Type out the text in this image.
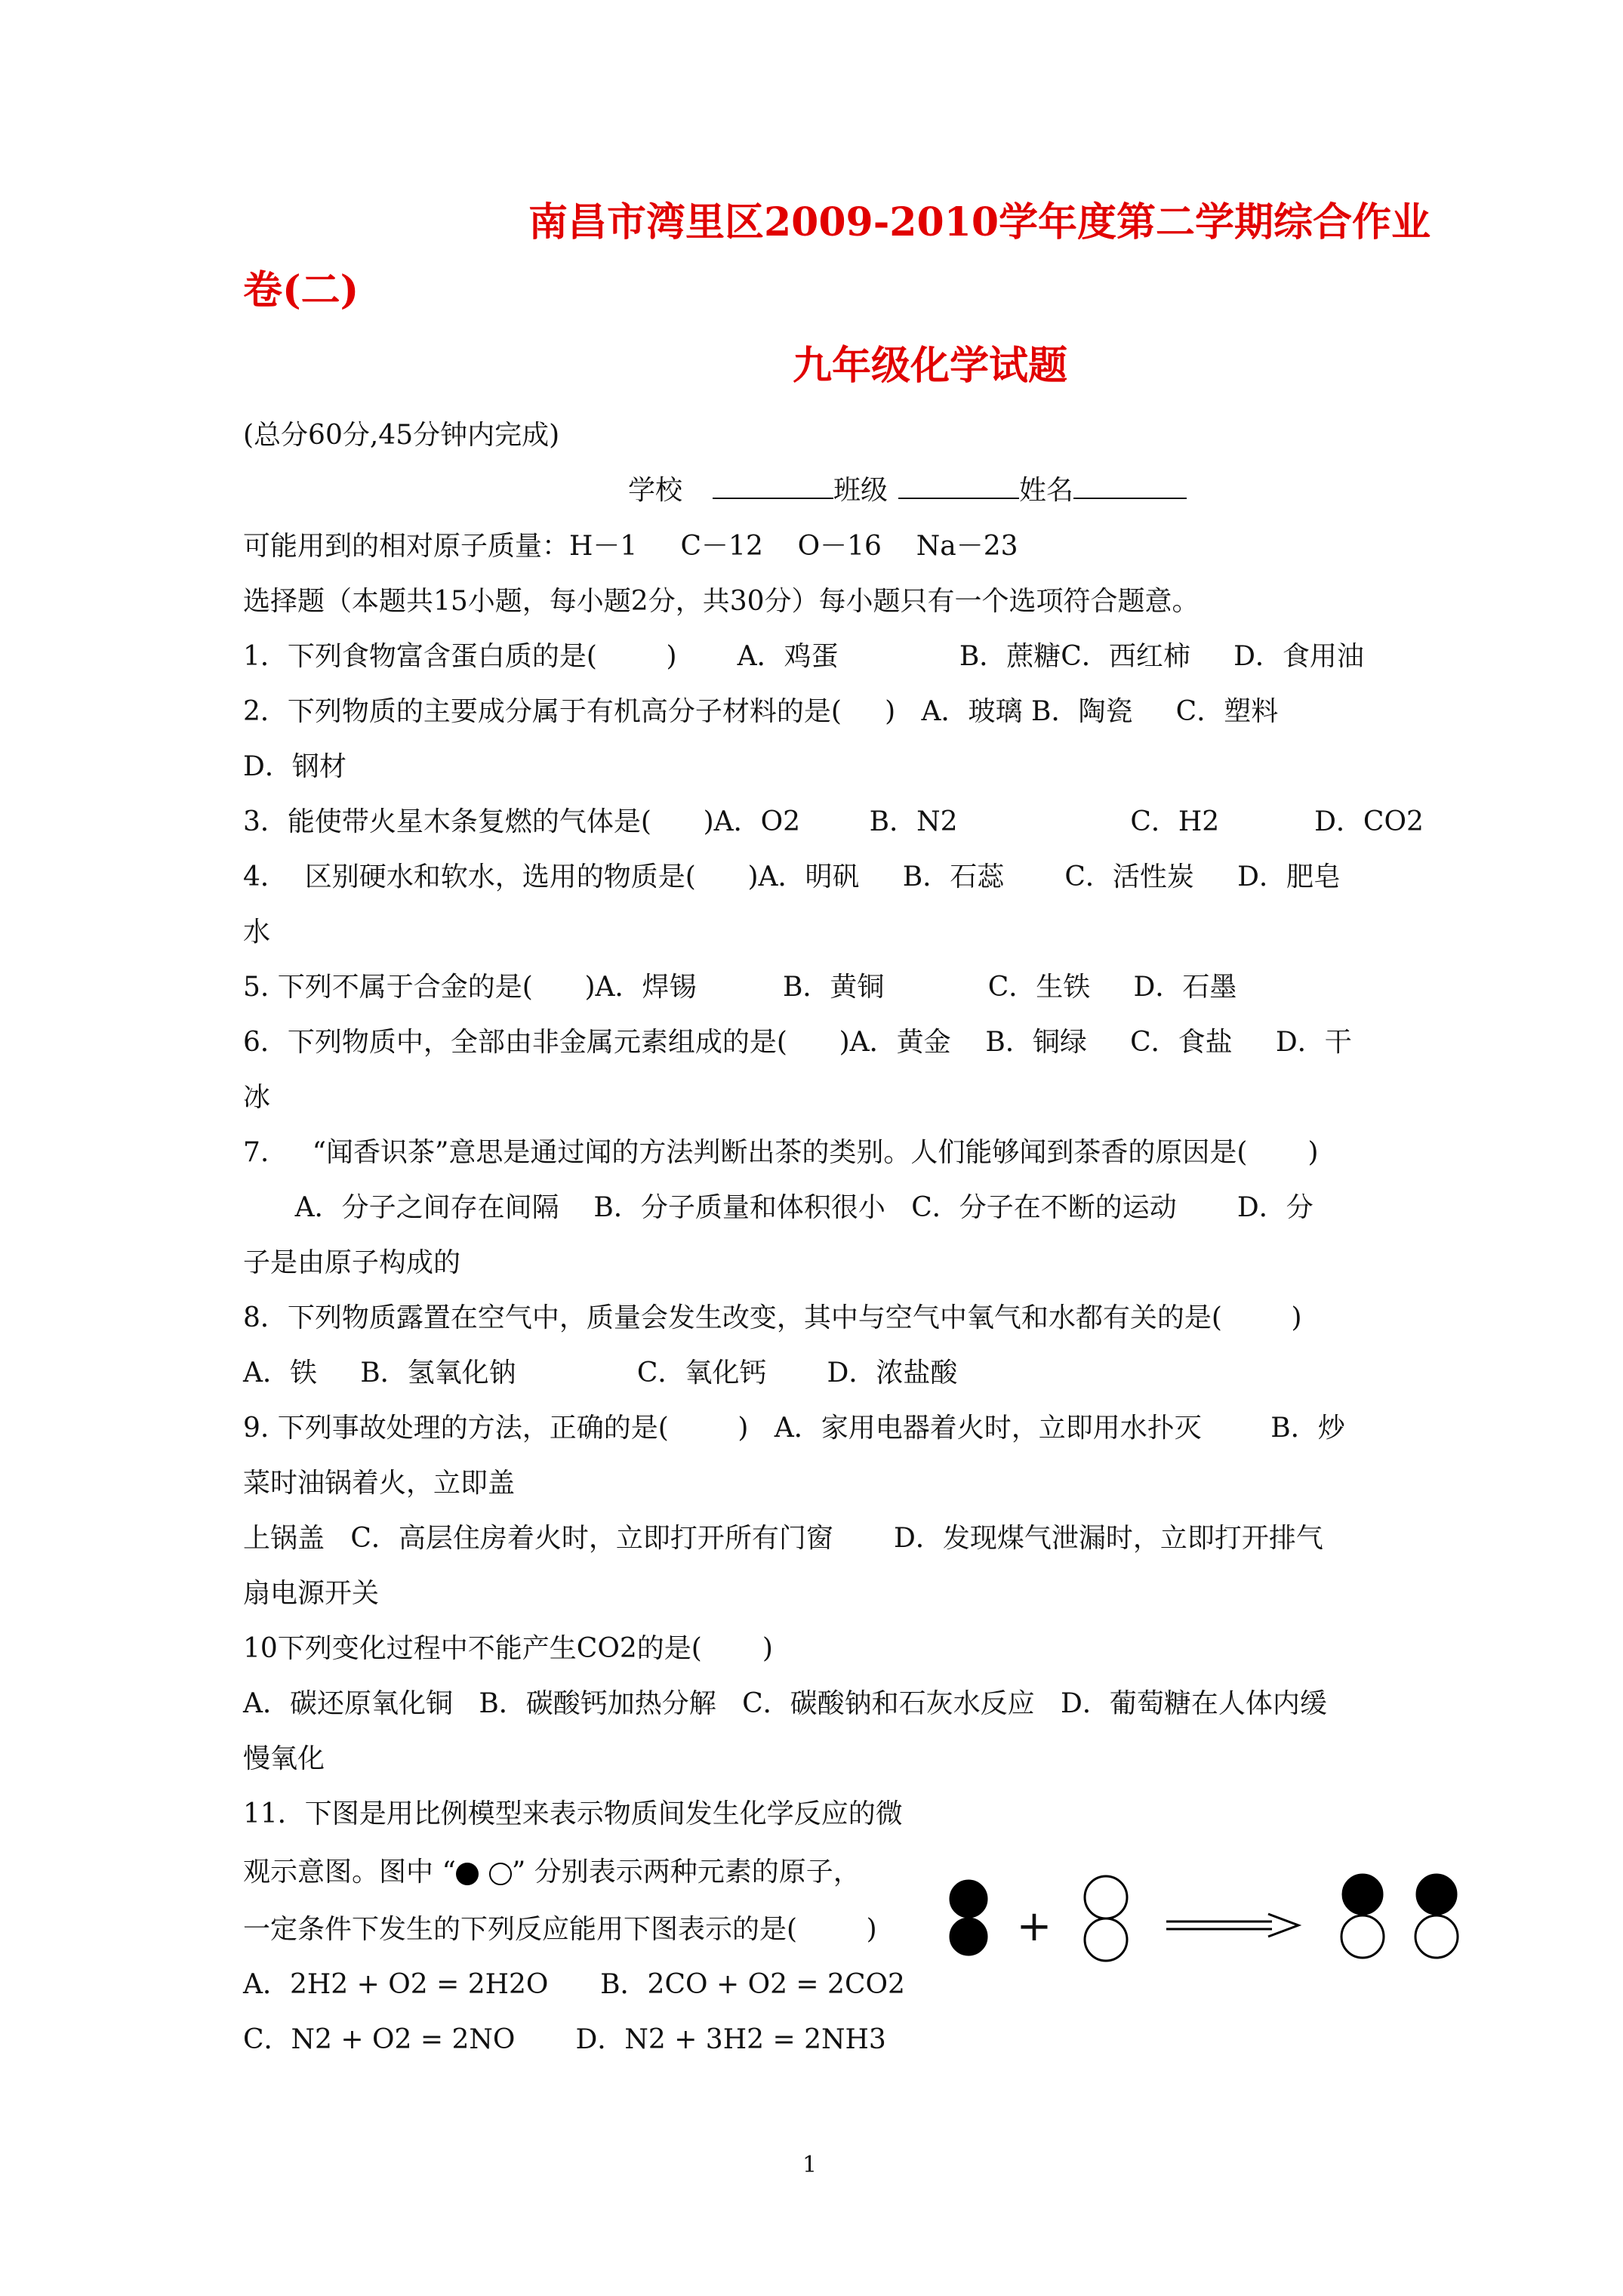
南昌市湾里区2009-2010学年度第二学期综合作业
卷(二)
九年级化学试题
(总分60分,45分钟内完成)
学校	班级	姓名
可能用到的相对原子质量：H－1     C－12    O－16    Na－23
选择题（本题共15小题，每小题2分，共30分）每小题只有一个选项符合题意。
1．下列食物富含蛋白质的是(        )       A．鸡蛋              B．蔗糖C．西红柿     D．食用油
2．下列物质的主要成分属于有机高分子材料的是(     )   A．玻璃 B．陶瓷     C．塑料
D．钢材
3．能使带火星木条复燃的气体是(      )A．O2        B．N2                    C．H2           D．CO2
4．  区别硬水和软水，选用的物质是(      )A．明矾     B．石蕊       C．活性炭     D．肥皂
水
5. 下列不属于合金的是(      )A．焊锡          B．黄铜            C．生铁     D．石墨
6．下列物质中，全部由非金属元素组成的是(      )A．黄金    B．铜绿     C．食盐     D．干
冰
7.     “闻香识茶”意思是通过闻的方法判断出茶的类别。人们能够闻到茶香的原因是(       )
A．分子之间存在间隔    B．分子质量和体积很小   C．分子在不断的运动       D．分
子是由原子构成的
8．下列物质露置在空气中，质量会发生改变，其中与空气中氧气和水都有关的是(        )
A．铁     B．氢氧化钠              C．氧化钙       D．浓盐酸
9. 下列事故处理的方法，正确的是(        )   A．家用电器着火时，立即用水扑灭        B．炒
菜时油锅着火，立即盖
上锅盖   C．高层住房着火时，立即打开所有门窗       D．发现煤气泄漏时，立即打开排气
扇电源开关
10下列变化过程中不能产生CO2的是(       )
A．碳还原氧化铜   B．碳酸钙加热分解   C．碳酸钠和石灰水反应   D．葡萄糖在人体内缓
慢氧化
11．下图是用比例模型来表示物质间发生化学反应的微
观示意图。图中 “ ” 分别表示两种元素的原子，
一定条件下发生的下列反应能用下图表示的是(        )
A．2H2 + O2 = 2H2O      B．2CO + O2 = 2CO2
C．N2 + O2 = 2NO       D．N2 + 3H2 = 2NH3
+
1
